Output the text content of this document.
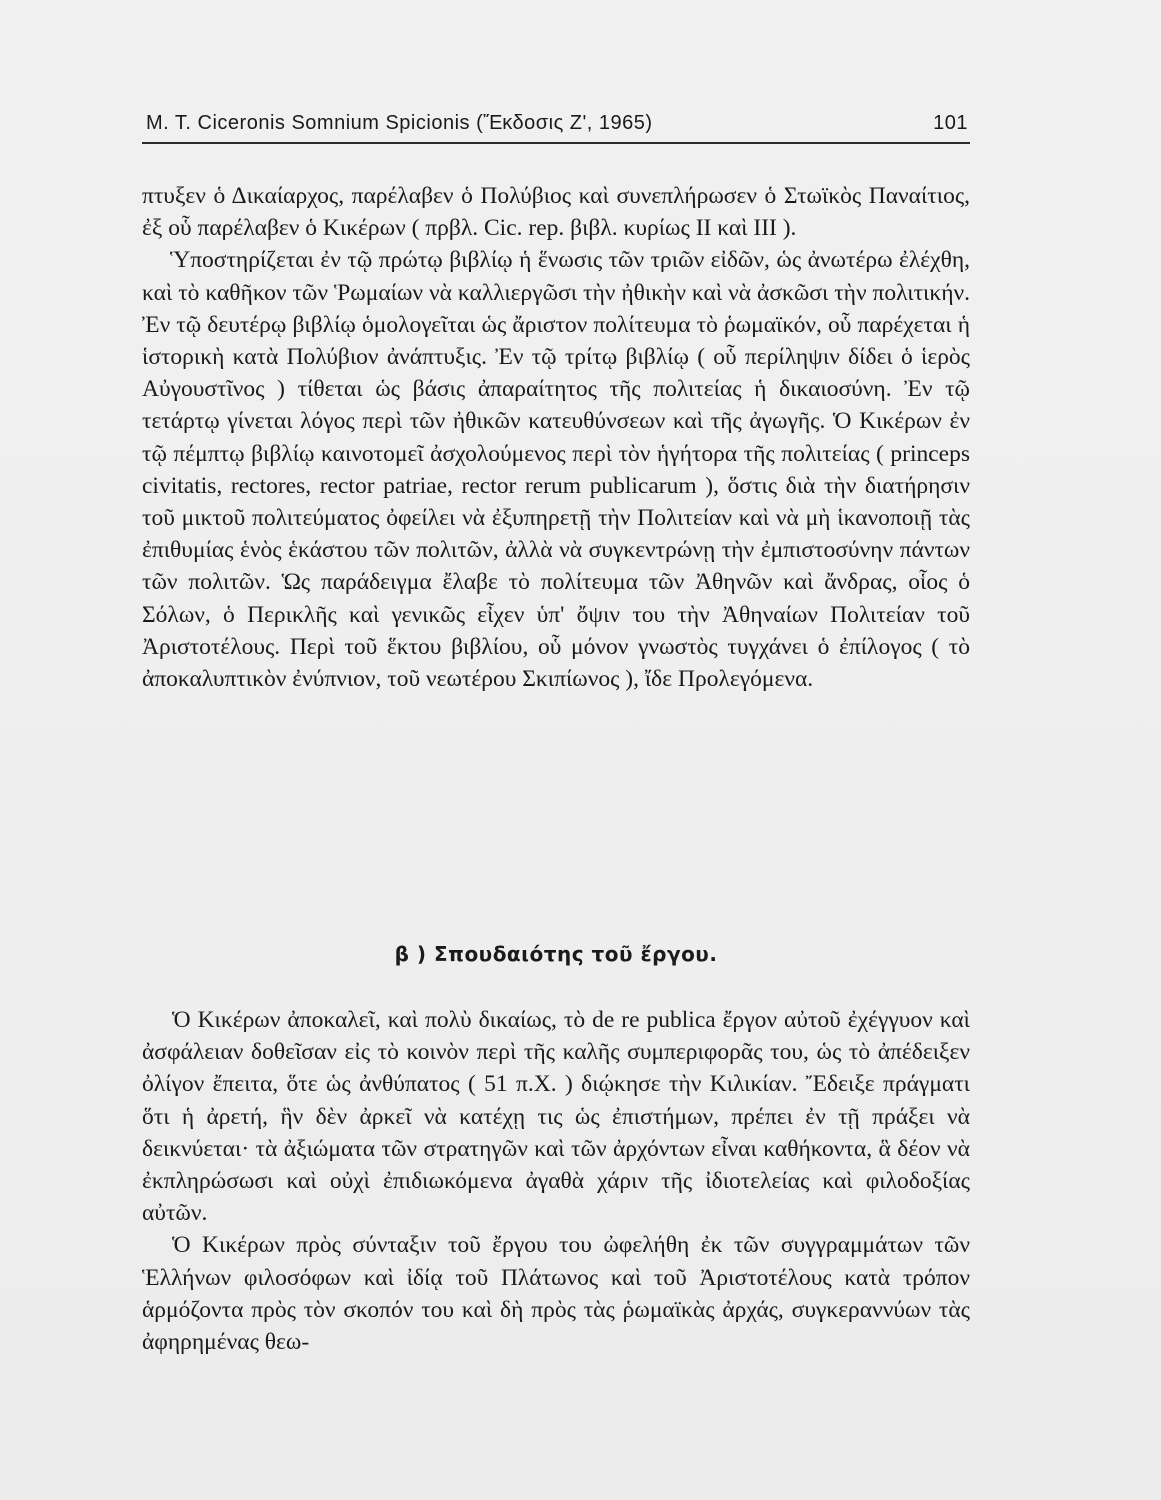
M. T. Ciceronis Somnium Spicionis (Ἔκδοσις Ζ', 1965)	101

πτυξεν ὁ Δικαίαρχος, παρέλαβεν ὁ Πολύβιος καὶ συνεπλήρωσεν ὁ Στωϊκὸς Παναίτιος, ἐξ οὗ παρέλαβεν ὁ Κικέρων ( πρβλ. Cic. rep. βιβλ. κυρίως II καὶ III ).

Ὑποστηρίζεται ἐν τῷ πρώτῳ βιβλίῳ ἡ ἕνωσις τῶν τριῶν εἰδῶν, ὡς ἀνωτέρω ἐλέχθη, καὶ τὸ καθῆκον τῶν Ῥωμαίων νὰ καλλιεργῶσι τὴν ἠθικὴν καὶ νὰ ἀσκῶσι τὴν πολιτικήν. Ἐν τῷ δευτέρῳ βιβλίῳ ὁμολογεῖται ὡς ἄριστον πολίτευμα τὸ ῥωμαϊκόν, οὗ παρέχεται ἡ ἱστορικὴ κατὰ Πολύβιον ἀνάπτυξις. Ἐν τῷ τρίτῳ βιβλίῳ ( οὗ περίληψιν δίδει ὁ ἱερὸς Αὐγουστῖνος ) τίθεται ὡς βάσις ἀπαραίτητος τῆς πολιτείας ἡ δικαιοσύνη. Ἐν τῷ τετάρτῳ γίνεται λόγος περὶ τῶν ἠθικῶν κατευθύνσεων καὶ τῆς ἀγωγῆς. Ὁ Κικέρων ἐν τῷ πέμπτῳ βιβλίῳ καινοτομεῖ ἀσχολούμενος περὶ τὸν ἡγήτορα τῆς πολιτείας ( princeps civitatis, rectores, rector patriae, rector rerum publicarum ), ὅστις διὰ τὴν διατήρησιν τοῦ μικτοῦ πολιτεύματος ὀφείλει νὰ ἐξυπηρετῇ τὴν Πολιτείαν καὶ νὰ μὴ ἱκανοποιῇ τὰς ἐπιθυμίας ἑνὸς ἑκάστου τῶν πολιτῶν, ἀλλὰ νὰ συγκεντρώνῃ τὴν ἐμπιστοσύνην πάντων τῶν πολιτῶν. Ὡς παράδειγμα ἔλαβε τὸ πολίτευμα τῶν Ἀθηνῶν καὶ ἄνδρας, οἷος ὁ Σόλων, ὁ Περικλῆς καὶ γενικῶς εἶχεν ὑπ' ὄψιν του τὴν Ἀθηναίων Πολιτείαν τοῦ Ἀριστοτέλους. Περὶ τοῦ ἕκτου βιβλίου, οὗ μόνον γνωστὸς τυγχάνει ὁ ἐπίλογος ( τὸ ἀποκαλυπτικὸν ἐνύπνιον, τοῦ νεωτέρου Σκιπίωνος ), ἴδε Προλεγόμενα.

β ) Σπουδαιότης τοῦ ἔργου.

Ὁ Κικέρων ἀποκαλεῖ, καὶ πολὺ δικαίως, τὸ de re publica ἔργον αὐτοῦ ἐχέγγυον καὶ ἀσφάλειαν δοθεῖσαν εἰς τὸ κοινὸν περὶ τῆς καλῆς συμπεριφορᾶς του, ὡς τὸ ἀπέδειξεν ὀλίγον ἔπειτα, ὅτε ὡς ἀνθύπατος ( 51 π.Χ. ) διῴκησε τὴν Κιλικίαν. Ἔδειξε πράγματι ὅτι ἡ ἀρετή, ἣν δὲν ἀρκεῖ νὰ κατέχῃ τις ὡς ἐπιστήμων, πρέπει ἐν τῇ πράξει νὰ δεικνύεται· τὰ ἀξιώματα τῶν στρατηγῶν καὶ τῶν ἀρχόντων εἶναι καθήκοντα, ἃ δέον νὰ ἐκπληρώσωσι καὶ οὐχὶ ἐπιδιωκόμενα ἀγαθὰ χάριν τῆς ἰδιοτελείας καὶ φιλοδοξίας αὐτῶν.

Ὁ Κικέρων πρὸς σύνταξιν τοῦ ἔργου του ὠφελήθη ἐκ τῶν συγγραμμάτων τῶν Ἑλλήνων φιλοσόφων καὶ ἰδίᾳ τοῦ Πλάτωνος καὶ τοῦ Ἀριστοτέλους κατὰ τρόπον ἁρμόζοντα πρὸς τὸν σκοπόν του καὶ δὴ πρὸς τὰς ῥωμαϊκὰς ἀρχάς, συγκεραννύων τὰς ἀφηρημένας θεω-
